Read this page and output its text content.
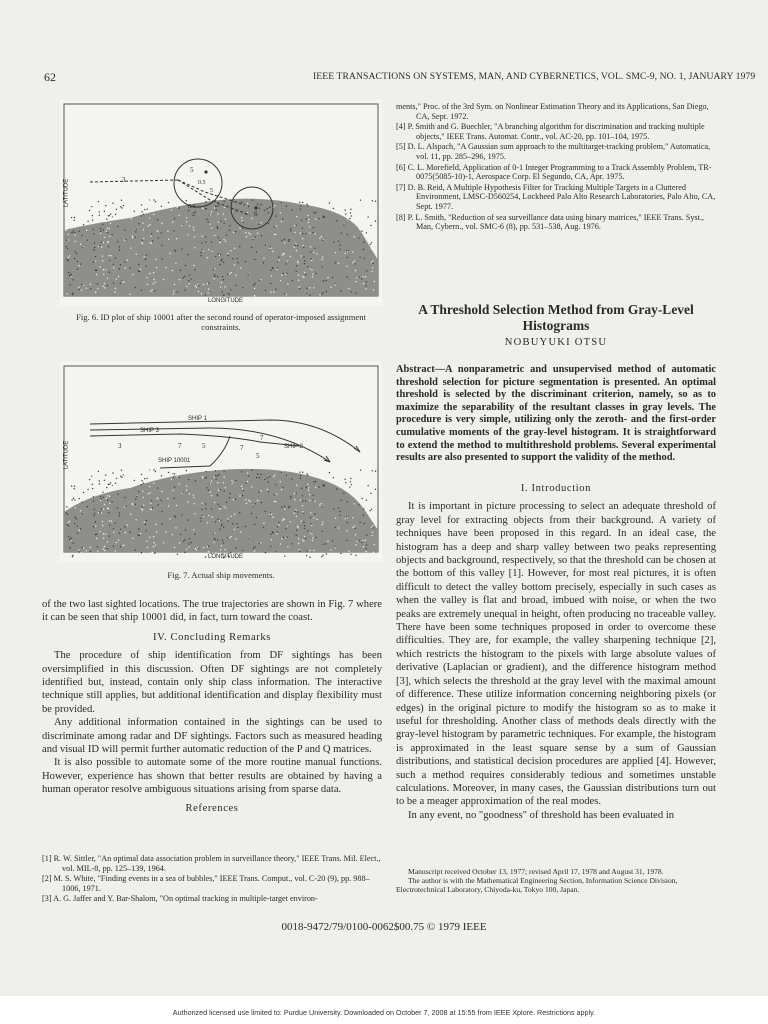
62	IEEE TRANSACTIONS ON SYSTEMS, MAN, AND CYBERNETICS, VOL. SMC-9, NO. 1, JANUARY 1979
LATITUDE
LONGITUDE
3
5
0.5
5
0.5
2	6
Fig. 6. ID plot of ship 10001 after the second round of operator-imposed assignment constraints.
LATITUDE
LONGITUDE
SHIP 1
SHIP 2
SHIP 3
SHIP 10001
3	5
7
7
7
5
7
Fig. 7. Actual ship movements.

of the two last sighted locations. The true trajectories are shown in Fig. 7 where it can be seen that ship 10001 did, in fact, turn toward the coast.

IV. Concluding Remarks

The procedure of ship identification from DF sightings has been oversimplified in this discussion. Often DF sightings are not completely identified but, instead, contain only ship class information. The interactive technique still applies, but additional identification and display flexibility must be provided.

Any additional information contained in the sightings can be used to discriminate among radar and DF sightings. Factors such as measured heading and visual ID will permit further automatic reduction of the P and Q matrices.

It is also possible to automate some of the more routine manual functions. However, experience has shown that better results are obtained by having a human operator resolve ambiguous situations arising from sparse data.

References
[1] R. W. Sittler, "An optimal data association problem in surveillance theory," IEEE Trans. Mil. Elect., vol. MIL-8, pp. 125–139, 1964.
[2] M. S. White, "Finding events in a sea of bubbles," IEEE Trans. Comput., vol. C-20 (9), pp. 988–1006, 1971.
[3] A. G. Jaffer and Y. Bar-Shalom, "On optimal tracking in multiple-target environ-
ments," Proc. of the 3rd Sym. on Nonlinear Estimation Theory and its Applications, San Diego, CA, Sept. 1972.
[4] P. Smith and G. Buechler, "A branching algorithm for discrimination and tracking multiple objects," IEEE Trans. Automat. Contr., vol. AC-20, pp. 101–104, 1975.
[5] D. L. Alspach, "A Gaussian sum approach to the multitarget-tracking problem," Automatica, vol. 11, pp. 285–296, 1975.
[6] C. L. Morefield, Application of 0-1 Integer Programming to a Track Assembly Problem, TR-0075(5085-10)-1, Aerospace Corp. El Segundo, CA, Apr. 1975.
[7] D. B. Reid, A Multiple Hypothesis Filter for Tracking Multiple Targets in a Cluttered Environment, LMSC-D560254, Lockheed Palo Alto Research Laboratories, Palo Alto, CA, Sept. 1977.
[8] P. L. Smith, "Reduction of sea surveillance data using binary matrices," IEEE Trans. Syst., Man, Cybern., vol. SMC-6 (8), pp. 531–538, Aug. 1976.
A Threshold Selection Method from Gray-Level Histograms
NOBUYUKI OTSU
Abstract—A nonparametric and unsupervised method of automatic threshold selection for picture segmentation is presented. An optimal threshold is selected by the discriminant criterion, namely, so as to maximize the separability of the resultant classes in gray levels. The procedure is very simple, utilizing only the zeroth- and the first-order cumulative moments of the gray-level histogram. It is straightforward to extend the method to multithreshold problems. Several experimental results are also presented to support the validity of the method.
I. Introduction

It is important in picture processing to select an adequate threshold of gray level for extracting objects from their background. A variety of techniques have been proposed in this regard. In an ideal case, the histogram has a deep and sharp valley between two peaks representing objects and background, respectively, so that the threshold can be chosen at the bottom of this valley [1]. However, for most real pictures, it is often difficult to detect the valley bottom precisely, especially in such cases as when the valley is flat and broad, imbued with noise, or when the two peaks are extremely unequal in height, often producing no traceable valley. There have been some techniques proposed in order to overcome these difficulties. They are, for example, the valley sharpening technique [2], which restricts the histogram to the pixels with large absolute values of derivative (Laplacian or gradient), and the difference histogram method [3], which selects the threshold at the gray level with the maximal amount of difference. These utilize information concerning neighboring pixels (or edges) in the original picture to modify the histogram so as to make it useful for thresholding. Another class of methods deals directly with the gray-level histogram by parametric techniques. For example, the histogram is approximated in the least square sense by a sum of Gaussian distributions, and statistical decision procedures are applied [4]. However, such a method requires considerably tedious and sometimes unstable calculations. Moreover, in many cases, the Gaussian distributions turn out to be a meager approximation of the real modes.

In any event, no "goodness" of threshold has been evaluated in

Manuscript received October 13, 1977; revised April 17, 1978 and August 31, 1978.

The author is with the Mathematical Engineering Section, Information Science Division, Electrotechnical Laboratory, Chiyoda-ku, Tokyo 100, Japan.

0018-9472/79/0100-0062$00.75 © 1979 IEEE
Authorized licensed use limited to: Purdue University. Downloaded on October 7, 2008 at 15:55 from IEEE Xplore. Restrictions apply.
